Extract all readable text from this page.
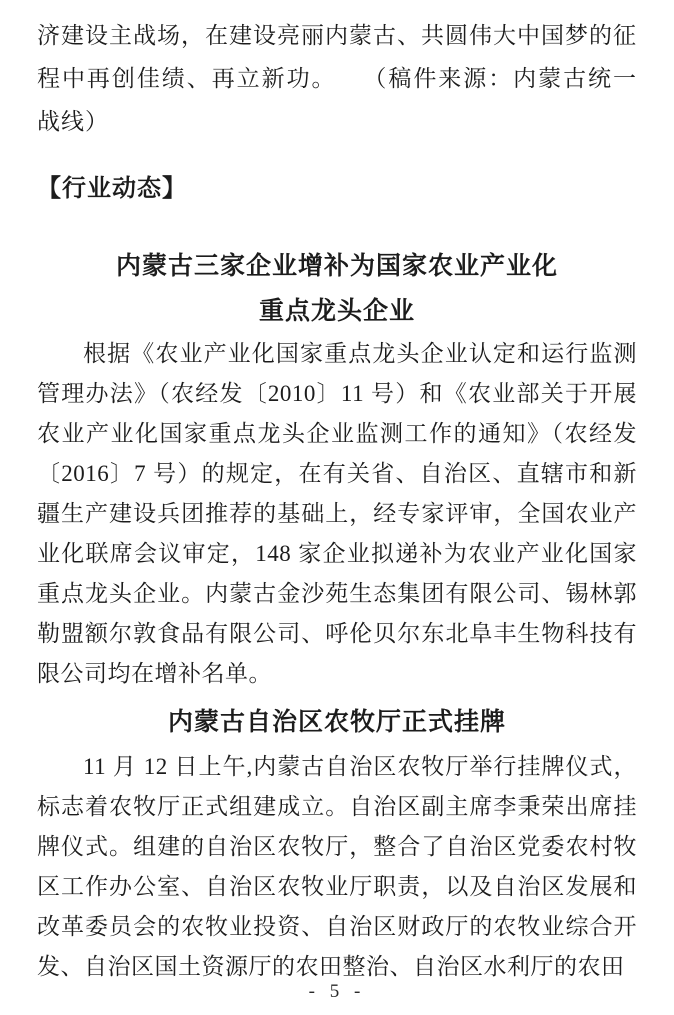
济建设主战场，在建设亮丽内蒙古、共圆伟大中国梦的征程中再创佳绩、再立新功。　　（稿件来源：内蒙古统一战线）

【行业动态】
内蒙古三家企业增补为国家农业产业化
重点龙头企业

根据《农业产业化国家重点龙头企业认定和运行监测管理办法》（农经发〔2010〕11 号）和《农业部关于开展农业产业化国家重点龙头企业监测工作的通知》（农经发〔2016〕7 号）的规定，在有关省、自治区、直辖市和新疆生产建设兵团推荐的基础上，经专家评审，全国农业产业化联席会议审定，148 家企业拟递补为农业产业化国家重点龙头企业。内蒙古金沙苑生态集团有限公司、锡林郭勒盟额尔敦食品有限公司、呼伦贝尔东北阜丰生物科技有限公司均在增补名单。

内蒙古自治区农牧厅正式挂牌

11 月 12 日上午,内蒙古自治区农牧厅举行挂牌仪式，标志着农牧厅正式组建成立。自治区副主席李秉荣出席挂牌仪式。组建的自治区农牧厅，整合了自治区党委农村牧区工作办公室、自治区农牧业厅职责，以及自治区发展和改革委员会的农牧业投资、自治区财政厅的农牧业综合开发、自治区国土资源厅的农田整治、自治区水利厅的农田

- 5 -
